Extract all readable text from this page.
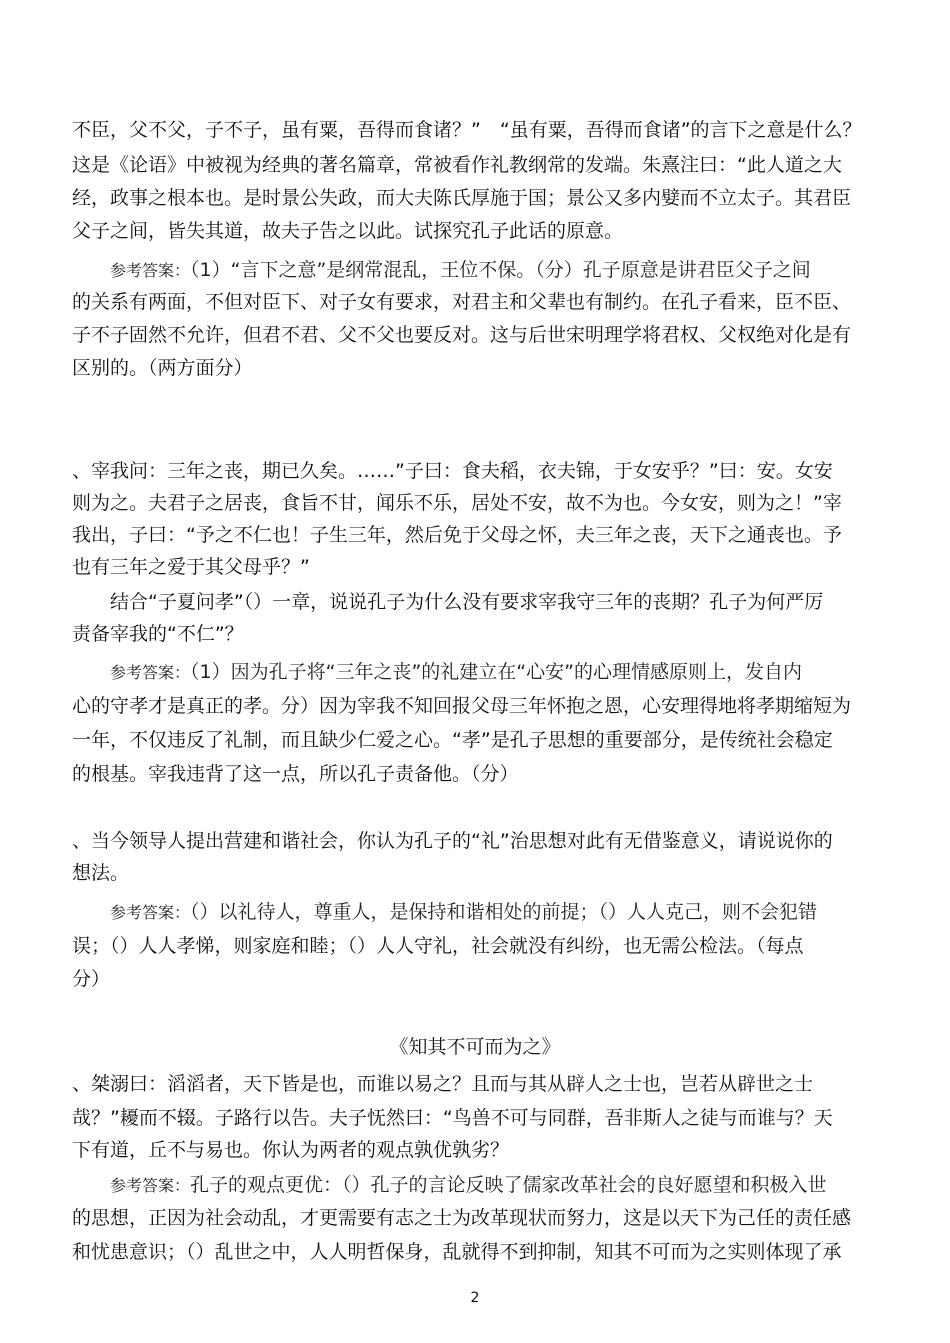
不臣，父不父，子不子，虽有粟，吾得而食诸？”　“虽有粟，吾得而食诸”的言下之意是什么？
这是《论语》中被视为经典的著名篇章，常被看作礼教纲常的发端。朱熹注曰：“此人道之大
经，政事之根本也。是时景公失政，而大夫陈氏厚施于国；景公又多内嬖而不立太子。其君臣
父子之间，皆失其道，故夫子告之以此。试探究孔子此话的原意。
参考答案：（1）“言下之意”是纲常混乱，王位不保。（分）孔子原意是讲君臣父子之间
的关系有两面，不但对臣下、对子女有要求，对君主和父辈也有制约。在孔子看来，臣不臣、
子不子固然不允许，但君不君、父不父也要反对。这与后世宋明理学将君权、父权绝对化是有
区别的。（两方面分）
、宰我问：三年之丧，期已久矣。……”子曰：食夫稻，衣夫锦，于女安乎？”曰：安。女安
则为之。夫君子之居丧，食旨不甘，闻乐不乐，居处不安，故不为也。今女安，则为之！”宰
我出，子曰：“予之不仁也！子生三年，然后免于父母之怀，夫三年之丧，天下之通丧也。予
也有三年之爱于其父母乎？”
结合“子夏问孝”（）一章，说说孔子为什么没有要求宰我守三年的丧期？孔子为何严厉
责备宰我的“不仁”？
参考答案：（1）因为孔子将“三年之丧”的礼建立在“心安”的心理情感原则上，发自内
心的守孝才是真正的孝。分）因为宰我不知回报父母三年怀抱之恩，心安理得地将孝期缩短为
一年，不仅违反了礼制，而且缺少仁爱之心。“孝”是孔子思想的重要部分，是传统社会稳定
的根基。宰我违背了这一点，所以孔子责备他。（分）
、当今领导人提出营建和谐社会，你认为孔子的“礼”治思想对此有无借鉴意义，请说说你的
想法。
参考答案：（）以礼待人，尊重人，是保持和谐相处的前提；（）人人克己，则不会犯错
误；（）人人孝悌，则家庭和睦；（）人人守礼，社会就没有纠纷，也无需公检法。（每点
分）
《知其不可而为之》
、桀溺曰：滔滔者，天下皆是也，而谁以易之？且而与其从辟人之士也，岂若从辟世之士
哉？”耰而不辍。子路行以告。夫子怃然曰：“鸟兽不可与同群，吾非斯人之徒与而谁与？天
下有道，丘不与易也。你认为两者的观点孰优孰劣？
参考答案：孔子的观点更优：（）孔子的言论反映了儒家改革社会的良好愿望和积极入世
的思想，正因为社会动乱，才更需要有志之士为改革现状而努力，这是以天下为己任的责任感
和忧患意识；（）乱世之中，人人明哲保身，乱就得不到抑制，知其不可而为之实则体现了承
2
